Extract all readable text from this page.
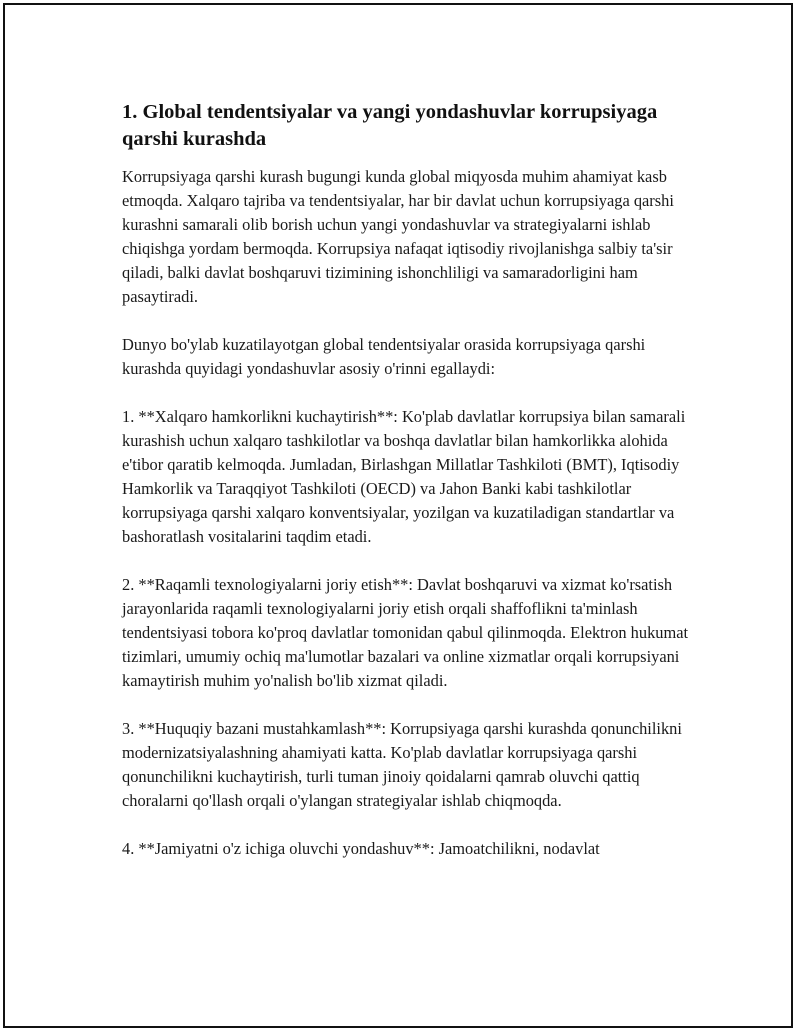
1. Global tendentsiyalar va yangi yondashuvlar korrupsiyaga qarshi kurashda

Korrupsiyaga qarshi kurash bugungi kunda global miqyosda muhim ahamiyat kasb etmoqda. Xalqaro tajriba va tendentsiyalar, har bir davlat uchun korrupsiyaga qarshi kurashni samarali olib borish uchun yangi yondashuvlar va strategiyalarni ishlab chiqishga yordam bermoqda. Korrupsiya nafaqat iqtisodiy rivojlanishga salbiy ta'sir qiladi, balki davlat boshqaruvi tizimining ishonchliligi va samaradorligini ham pasaytiradi.

Dunyo bo'ylab kuzatilayotgan global tendentsiyalar orasida korrupsiyaga qarshi kurashda quyidagi yondashuvlar asosiy o'rinni egallaydi:

1. **Xalqaro hamkorlikni kuchaytirish**: Ko'plab davlatlar korrupsiya bilan samarali kurashish uchun xalqaro tashkilotlar va boshqa davlatlar bilan hamkorlikka alohida e'tibor qaratib kelmoqda. Jumladan, Birlashgan Millatlar Tashkiloti (BMT), Iqtisodiy Hamkorlik va Taraqqiyot Tashkiloti (OECD) va Jahon Banki kabi tashkilotlar korrupsiyaga qarshi xalqaro konventsiyalar, yozilgan va kuzatiladigan standartlar va bashoratlash vositalarini taqdim etadi.

2. **Raqamli texnologiyalarni joriy etish**: Davlat boshqaruvi va xizmat ko'rsatish jarayonlarida raqamli texnologiyalarni joriy etish orqali shaffoflikni ta'minlash tendentsiyasi tobora ko'proq davlatlar tomonidan qabul qilinmoqda. Elektron hukumat tizimlari, umumiy ochiq ma'lumotlar bazalari va online xizmatlar orqali korrupsiyani kamaytirish muhim yo'nalish bo'lib xizmat qiladi.

3. **Huquqiy bazani mustahkamlash**: Korrupsiyaga qarshi kurashda qonunchilikni modernizatsiyalashning ahamiyati katta. Ko'plab davlatlar korrupsiyaga qarshi qonunchilikni kuchaytirish, turli tuman jinoiy qoidalarni qamrab oluvchi qattiq choralarni qo'llash orqali o'ylangan strategiyalar ishlab chiqmoqda.

4. **Jamiyatni o'z ichiga oluvchi yondashuv**: Jamoatchilikni, nodavlat
